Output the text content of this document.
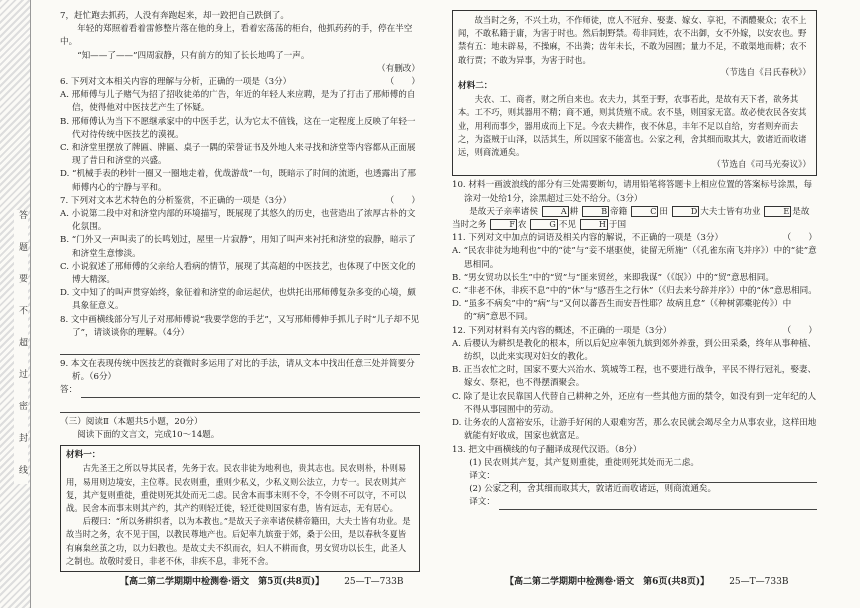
答 题 要 不 超 过 密 封 线

7，赶忙跑去抓药，人没有奔跑起来，却一跤把自己跌倒了。

年轻的郑照着看着雷修整片落在他的身上，看着宏荡荡的柜台，他抓药药的手，停在半空中。

“知——了——”四周寂静，只有前方的知了长长地鸣了一声。

（有删改）

6. 下列对文本相关内容的理解与分析，正确的一项是（3分）	（　　）

A. 邢师傅与儿子赌气为招了招收徒弟的广告，年近的年轻人来应聘，是为了打击了邢师傅的自信，使得他对中医技艺产生了怀疑。

B. 邢师傅认为当下不愿继承家中的中医手艺，认为它太不值钱，这在一定程度上反映了年轻一代对待传统中医技艺的漠视。

C. 和济堂里摆放了牌匾、牌匾、桌子一隅的荣誉证书及外地人来寻找和济堂等内容都从正面展现了昔日和济堂的兴盛。

D. “机械手表的秒针一圈又一圈地走着，优哉游哉”一句，既暗示了时间的流逝，也透露出了邢师傅内心的宁静与平和。

7. 下列对文本艺术特色的分析鉴赏，不正确的一项是（3分）	（　　）

A. 小说第二段中对和济堂内部的环境描写，既展现了其悠久的历史，也营造出了浓厚古朴的文化氛围。

B. “门外又一声叫卖了的长鸣划过，屋里一片寂静”，用知了叫声来衬托和济堂的寂静，暗示了和济堂生意惨淡。

C. 小说叙述了邢师傅的父亲给人看病的情节，展现了其高超的中医技艺，也体现了中医文化的博大精深。

D. 文中知了的叫声贯穿始终，象征着和济堂的命运起伏，也烘托出邢师傅复杂多变的心境，颇具象征意义。

8. 文中画横线部分写儿子对邢师傅说“我要学您的手艺”，又写邢师傅伸手抓儿子时“儿子却不见了”，请谈谈你的理解。（4分）

9. 本文在表现传统中医技艺的衰微时多运用了对比的手法，请从文本中找出任意三处并简要分析。（6分）

答：

（三）阅读Ⅱ（本题共5小题，20分）

阅读下面的文言文，完成10～14题。

材料一：

古先圣王之所以导其民者，先务于农。民农非徒为地利也，贵其志也。民农则朴，朴则易用，易用则边境安，主位尊。民农则重，重则少私义，少私义则公法立，力专一。民农则其产复，其产复则重徙，重徙则死其处而无二虑。民舍本而事末则不令，不令则不可以守，不可以战。民舍本而事末则其产约，其产约则轻迁徙，轻迁徙则国家有患，皆有远志，无有居心。

后稷曰：“所以务耕织者，以为本教也。”是故天子亲率诸侯耕帝籍田，大夫士皆有功业。是故当时之务，农不见于国，以教民尊地产也。后妃率九嫔蚕于郊，桑于公田，是以春秋冬夏皆有麻枲丝茧之功，以力妇教也。是故丈夫不织而衣，妇人不耕而食，男女贸功以长生，此圣人之制也。故敬时爱日，非老不休，非疾不息，非死不舍。

故当时之务，不兴土功，不作师徒，庶人不冠弁、娶妻、嫁女、享祀，不酒醴聚众；农不上闻，不敢私籍于庸，为害于时也。然后制野禁。苟非同姓，农不出御，女不外嫁，以安农也。野禁有五：地未辟易，不操麻，不出粪；齿年未长，不敢为园囿；量力不足，不敢渠地而耕；农不敢行贾；不敢为异事，为害于时也。

（节选自《吕氏春秋》）

材料二：

夫农、工、商者，财之所自来也。农夫力，其至于野，农事若此，是故有天下者，欲务其本。工不巧，则其器用不精；商不通，则其货殖不成。农不垦，则国家无富。故必使农民各安其业，用利而事少，器用成而上下足。今农夫耕作，夜不休息，丰年不足以自给，穷者则弃而去之，为盗贼于山泽，以活其生，所以国家不能富也。公家之利，舍其细而取其大，敦诸近而收诸远，则商流通矣。

（节选自《司马光奏议》）

10. 材料一画波浪线的部分有三处需要断句，请用铅笔将答题卡上相应位置的答案标号涂黑，每涂对一处给1分，涂黑超过三处不给分。（3分）

是故天子亲率诸侯	A 耕	B 帝籍	C 田	D 大夫士皆有功业	E 是故当时之务	F 农	G 不见	H 于国

11. 下列对文中加点的词语及相关内容的解说，不正确的一项是（3分）	（　　）

A. “民农非徒为地利也”中的“徒”与“妾不堪驱使，徒留无所施”（《孔雀东南飞并序》）中的“徒”意思相同。

B. “男女贸功以长生”中的“贸”与“匪来贸丝，来即我谋”（《氓》）中的“贸”意思相同。

C. “非老不休，非疾不息”中的“休”与“感吾生之行休”（《归去来兮辞并序》）中的“休”意思相同。

D. “虽多不病矣”中的“病”与“又何以蕃吾生而安吾性耶？故病且怠”（《种树郭橐驼传》）中的“病”意思不同。

12. 下列对材料有关内容的概述，不正确的一项是（3分）	（　　）

A. 后稷认为耕织是教化的根本，所以后妃应率领九嫔到郊外养蚕，到公田采桑，终年从事种植、纺织，以此来实现对妇女的教化。

B. 正当农忙之时，国家不要大兴治水、筑城等工程，也不要进行战争，平民不得行冠礼，娶妻、嫁女、祭祀，也不得摆酒聚会。

C. 除了是让农民靠国人代替自己耕种之外，还应有一些其他方面的禁令，如没有到一定年纪的人不得从事园囿中的劳动。

D. 让务农的人富裕安乐，让游手好闲的人艰难穷苦，那么农民就会竭尽全力从事农业，这样田地就能有好收成，国家也就富足。

13. 把文中画横线的句子翻译成现代汉语。（8分）

(1) 民农则其产复，其产复则重徙，重徙则死其处而无二虑。

译文：

(2) 公家之利，舍其细而取其大，敦诸近而收诸远，则商流通矣。

译文：
【高二第二学期期中检测卷·语文　第5页(共8页)】 25—T—733B	【高二第二学期期中检测卷·语文　第6页(共8页)】 25—T—733B
